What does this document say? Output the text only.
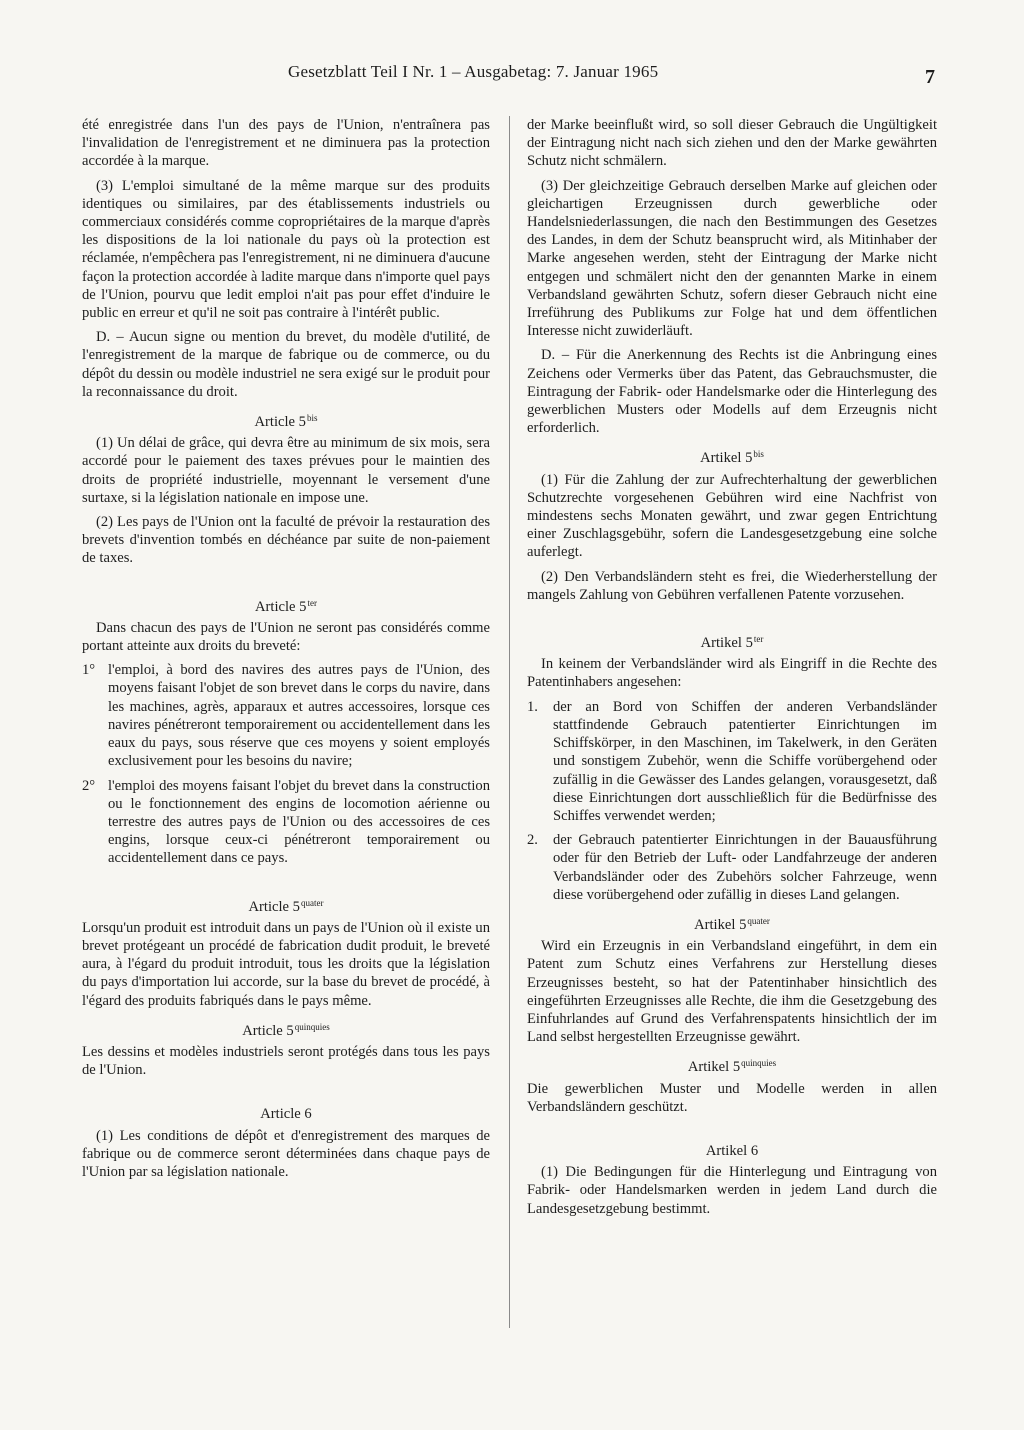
Gesetzblatt Teil I Nr. 1 – Ausgabetag: 7. Januar 1965	7

été enregistrée dans l'un des pays de l'Union, n'entraînera pas l'invalidation de l'enregistrement et ne diminuera pas la protection accordée à la marque.

(3) L'emploi simultané de la même marque sur des produits identiques ou similaires, par des établissements industriels ou commerciaux considérés comme copropriétaires de la marque d'après les dispositions de la loi nationale du pays où la protection est réclamée, n'empêchera pas l'enregistrement, ni ne diminuera d'aucune façon la protection accordée à ladite marque dans n'importe quel pays de l'Union, pourvu que ledit emploi n'ait pas pour effet d'induire le public en erreur et qu'il ne soit pas contraire à l'intérêt public.

D. – Aucun signe ou mention du brevet, du modèle d'utilité, de l'enregistrement de la marque de fabrique ou de commerce, ou du dépôt du dessin ou modèle industriel ne sera exigé sur le produit pour la reconnaissance du droit.

Article $5^{bis}$

(1) Un délai de grâce, qui devra être au minimum de six mois, sera accordé pour le paiement des taxes prévues pour le maintien des droits de propriété industrielle, moyennant le versement d'une surtaxe, si la législation nationale en impose une.

(2) Les pays de l'Union ont la faculté de prévoir la restauration des brevets d'invention tombés en déchéance par suite de non-paiement de taxes.

Article $5^{ter}$

Dans chacun des pays de l'Union ne seront pas considérés comme portant atteinte aux droits du breveté:

1° l'emploi, à bord des navires des autres pays de l'Union, des moyens faisant l'objet de son brevet dans le corps du navire, dans les machines, agrès, apparaux et autres accessoires, lorsque ces navires pénétreront temporairement ou accidentellement dans les eaux du pays, sous réserve que ces moyens y soient employés exclusivement pour les besoins du navire;
2° l'emploi des moyens faisant l'objet du brevet dans la construction ou le fonctionnement des engins de locomotion aérienne ou terrestre des autres pays de l'Union ou des accessoires de ces engins, lorsque ceux-ci pénétreront temporairement ou accidentellement dans ce pays.
Article $5^{quater}$

Lorsqu'un produit est introduit dans un pays de l'Union où il existe un brevet protégeant un procédé de fabrication dudit produit, le breveté aura, à l'égard du produit introduit, tous les droits que la législation du pays d'importation lui accorde, sur la base du brevet de procédé, à l'égard des produits fabriqués dans le pays même.

Article $5^{quinquies}$

Les dessins et modèles industriels seront protégés dans tous les pays de l'Union.

Article 6

(1) Les conditions de dépôt et d'enregistrement des marques de fabrique ou de commerce seront déterminées dans chaque pays de l'Union par sa législation nationale.

der Marke beeinflußt wird, so soll dieser Gebrauch die Ungültigkeit der Eintragung nicht nach sich ziehen und den der Marke gewährten Schutz nicht schmälern.

(3) Der gleichzeitige Gebrauch derselben Marke auf gleichen oder gleichartigen Erzeugnissen durch gewerbliche oder Handelsniederlassungen, die nach den Bestimmungen des Gesetzes des Landes, in dem der Schutz beansprucht wird, als Mitinhaber der Marke angesehen werden, steht der Eintragung der Marke nicht entgegen und schmälert nicht den der genannten Marke in einem Verbandsland gewährten Schutz, sofern dieser Gebrauch nicht eine Irreführung des Publikums zur Folge hat und dem öffentlichen Interesse nicht zuwiderläuft.

D. – Für die Anerkennung des Rechts ist die Anbringung eines Zeichens oder Vermerks über das Patent, das Gebrauchsmuster, die Eintragung der Fabrik- oder Handelsmarke oder die Hinterlegung des gewerblichen Musters oder Modells auf dem Erzeugnis nicht erforderlich.

Artikel $5^{bis}$

(1) Für die Zahlung der zur Aufrechterhaltung der gewerblichen Schutzrechte vorgesehenen Gebühren wird eine Nachfrist von mindestens sechs Monaten gewährt, und zwar gegen Entrichtung einer Zuschlagsgebühr, sofern die Landesgesetzgebung eine solche auferlegt.

(2) Den Verbandsländern steht es frei, die Wiederherstellung der mangels Zahlung von Gebühren verfallenen Patente vorzusehen.

Artikel $5^{ter}$

In keinem der Verbandsländer wird als Eingriff in die Rechte des Patentinhabers angesehen:

1.	der an Bord von Schiffen der anderen Verbandsländer stattfindende Gebrauch patentierter Einrichtungen im Schiffskörper, in den Maschinen, im Takelwerk, in den Geräten und sonstigem Zubehör, wenn die Schiffe vorübergehend oder zufällig in die Gewässer des Landes gelangen, vorausgesetzt, daß diese Einrichtungen dort ausschließlich für die Bedürfnisse des Schiffes verwendet werden;
2.	der Gebrauch patentierter Einrichtungen in der Bauausführung oder für den Betrieb der Luft- oder Landfahrzeuge der anderen Verbandsländer oder des Zubehörs solcher Fahrzeuge, wenn diese vorübergehend oder zufällig in dieses Land gelangen.
Artikel $5^{quater}$

Wird ein Erzeugnis in ein Verbandsland eingeführt, in dem ein Patent zum Schutz eines Verfahrens zur Herstellung dieses Erzeugnisses besteht, so hat der Patentinhaber hinsichtlich des eingeführten Erzeugnisses alle Rechte, die ihm die Gesetzgebung des Einfuhrlandes auf Grund des Verfahrenspatents hinsichtlich der im Land selbst hergestellten Erzeugnisse gewährt.

Artikel $5^{quinquies}$

Die gewerblichen Muster und Modelle werden in allen Verbandsländern geschützt.

Artikel 6

(1) Die Bedingungen für die Hinterlegung und Eintragung von Fabrik- oder Handelsmarken werden in jedem Land durch die Landesgesetzgebung bestimmt.
